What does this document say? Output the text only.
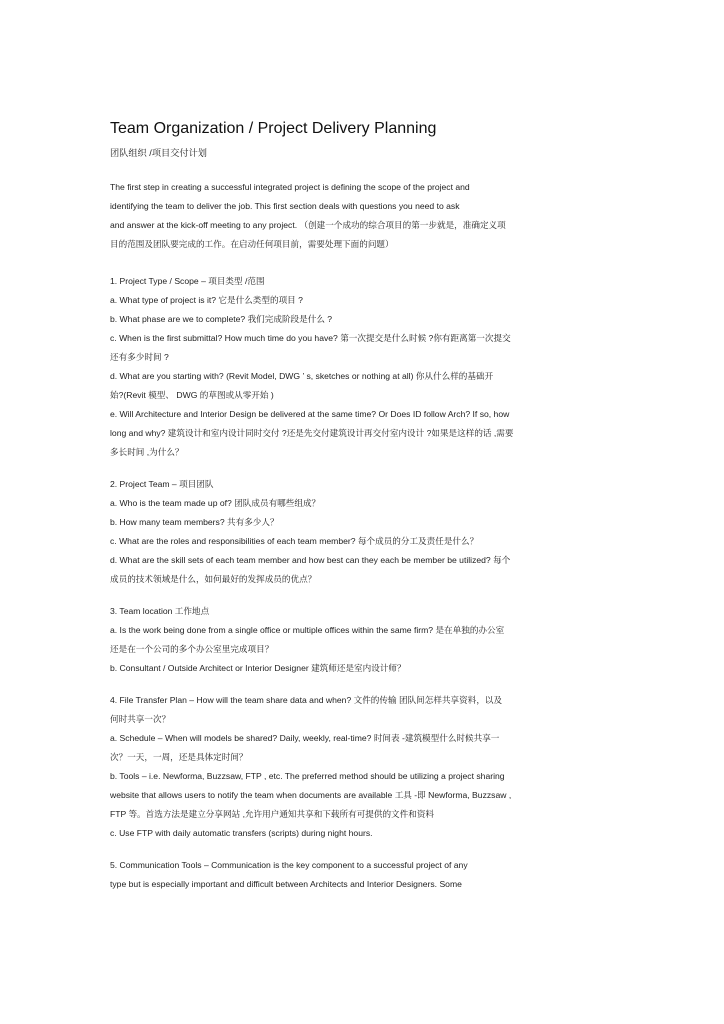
Team Organization / Project Delivery Planning
团队组织 /项目交付计划
The first step in creating a successful integrated project is defining the scope of the project and
identifying the team to deliver the job. This first section deals with questions you need to ask
and answer at the kick-off meeting to any project. （创建一个成功的综合项目的第一步就是，准确定义项
目的范围及团队要完成的工作。在启动任何项目前，需要处理下面的问题）
1. Project Type / Scope – 项目类型 /范围
a. What type of project is it? 它是什么类型的项目 ?
b. What phase are we to complete? 我们完成阶段是什么 ?
c. When is the first submittal? How much time do you have? 第一次提交是什么时候 ?你有距离第一次提交
还有多少时间 ?
d. What are you starting with? (Revit Model, DWG ’ s, sketches or nothing at all) 你从什么样的基础开
始?(Revit 模型、 DWG 的草图或从零开始 )
e. Will Architecture and Interior Design be delivered at the same time? Or Does ID follow Arch? If so, how
long and why? 建筑设计和室内设计同时交付 ?还是先交付建筑设计再交付室内设计 ?如果是这样的话 ,需要
多长时间 ,为什么？
2. Project Team – 项目团队
a. Who is the team made up of? 团队成员有哪些组成？
b. How many team members? 共有多少人？
c. What are the roles and responsibilities of each team member? 每个成员的分工及责任是什么？
d. What are the skill sets of each team member and how best can they each be member be utilized? 每个
成员的技术领域是什么，如何最好的发挥成员的优点？
3. Team location 工作地点
a. Is the work being done from a single office or multiple offices within the same firm? 是在单独的办公室
还是在一个公司的多个办公室里完成项目？
b. Consultant / Outside Architect or Interior Designer 建筑师还是室内设计师？
4. File Transfer Plan – How will the team share data and when? 文件的传输 团队间怎样共享资料，以及
何时共享一次？
a. Schedule – When will models be shared? Daily, weekly, real-time? 时间表 -建筑模型什么时候共享一
次？一天，一周，还是具体定时间？
b. Tools – i.e. Newforma, Buzzsaw, FTP , etc. The preferred method should be utilizing a project sharing
website that allows users to notify the team when documents are available 工具 -即 Newforma, Buzzsaw ,
FTP 等。首选方法是建立分享网站 ,允许用户通知共享和下载所有可提供的文件和资料
c. Use FTP with daily automatic transfers (scripts) during night hours.
5. Communication Tools – Communication is the key component to a successful project of any
type but is especially important and difficult between Architects and Interior Designers. Some
